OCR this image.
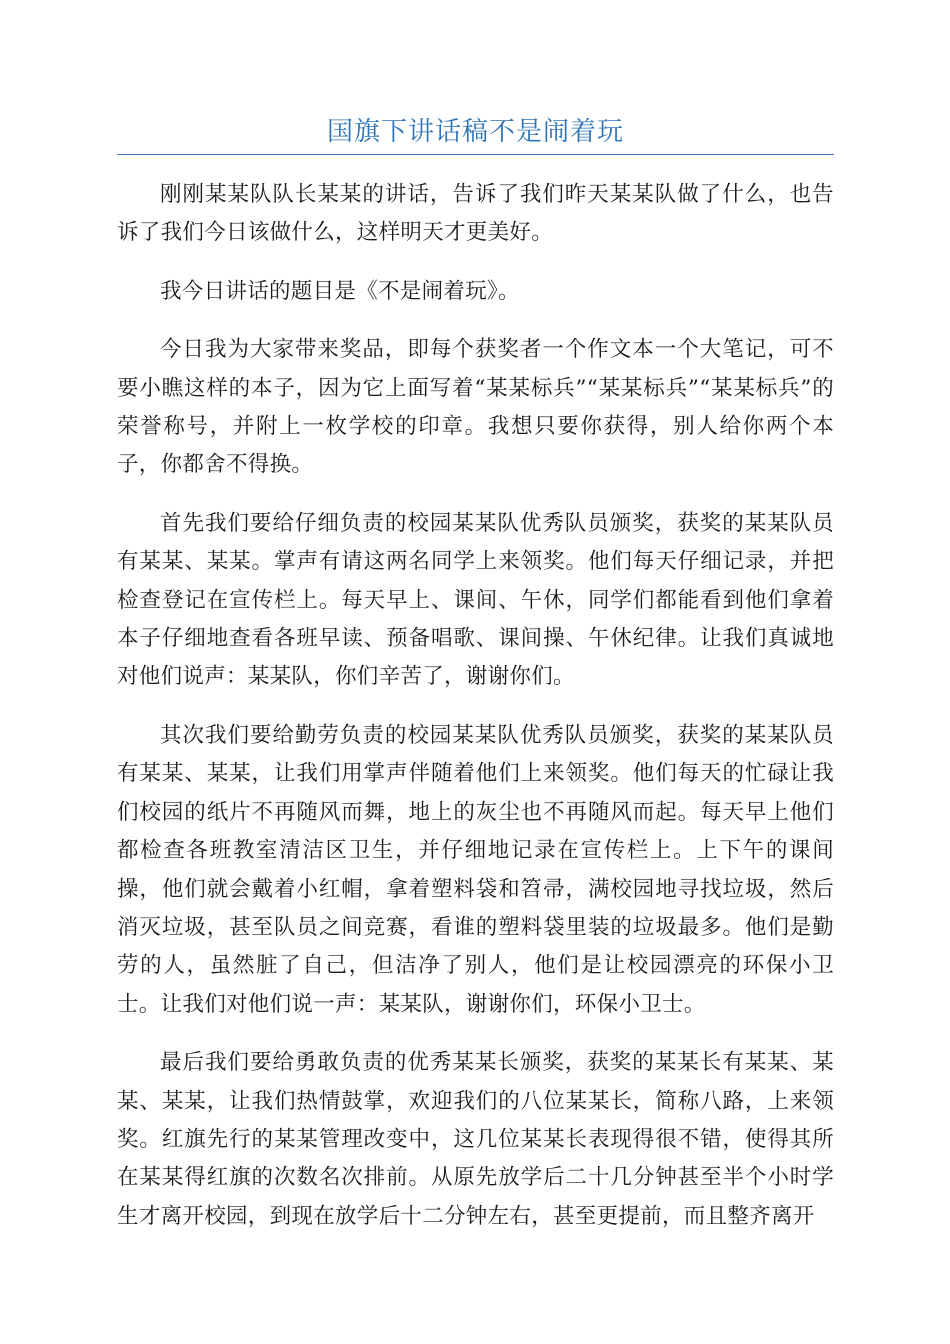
国旗下讲话稿不是闹着玩

刚刚某某队队长某某的讲话，告诉了我们昨天某某队做了什么，也告诉了我们今日该做什么，这样明天才更美好。

我今日讲话的题目是《不是闹着玩》。

今日我为大家带来奖品，即每个获奖者一个作文本一个大笔记，可不要小瞧这样的本子，因为它上面写着“某某标兵”“某某标兵”“某某标兵”的荣誉称号，并附上一枚学校的印章。我想只要你获得，别人给你两个本子，你都舍不得换。

首先我们要给仔细负责的校园某某队优秀队员颁奖，获奖的某某队员有某某、某某。掌声有请这两名同学上来领奖。他们每天仔细记录，并把检查登记在宣传栏上。每天早上、课间、午休，同学们都能看到他们拿着本子仔细地查看各班早读、预备唱歌、课间操、午休纪律。让我们真诚地对他们说声：某某队，你们辛苦了，谢谢你们。

其次我们要给勤劳负责的校园某某队优秀队员颁奖，获奖的某某队员有某某、某某，让我们用掌声伴随着他们上来领奖。他们每天的忙碌让我们校园的纸片不再随风而舞，地上的灰尘也不再随风而起。每天早上他们都检查各班教室清洁区卫生，并仔细地记录在宣传栏上。上下午的课间操，他们就会戴着小红帽，拿着塑料袋和笤帚，满校园地寻找垃圾，然后消灭垃圾，甚至队员之间竞赛，看谁的塑料袋里装的垃圾最多。他们是勤劳的人，虽然脏了自己，但洁净了别人，他们是让校园漂亮的环保小卫士。让我们对他们说一声：某某队，谢谢你们，环保小卫士。

最后我们要给勇敢负责的优秀某某长颁奖，获奖的某某长有某某、某某、某某，让我们热情鼓掌，欢迎我们的八位某某长，简称八路，上来领奖。红旗先行的某某管理改变中，这几位某某长表现得很不错，使得其所在某某得红旗的次数名次排前。从原先放学后二十几分钟甚至半个小时学生才离开校园，到现在放学后十二分钟左右，甚至更提前，而且整齐离开
